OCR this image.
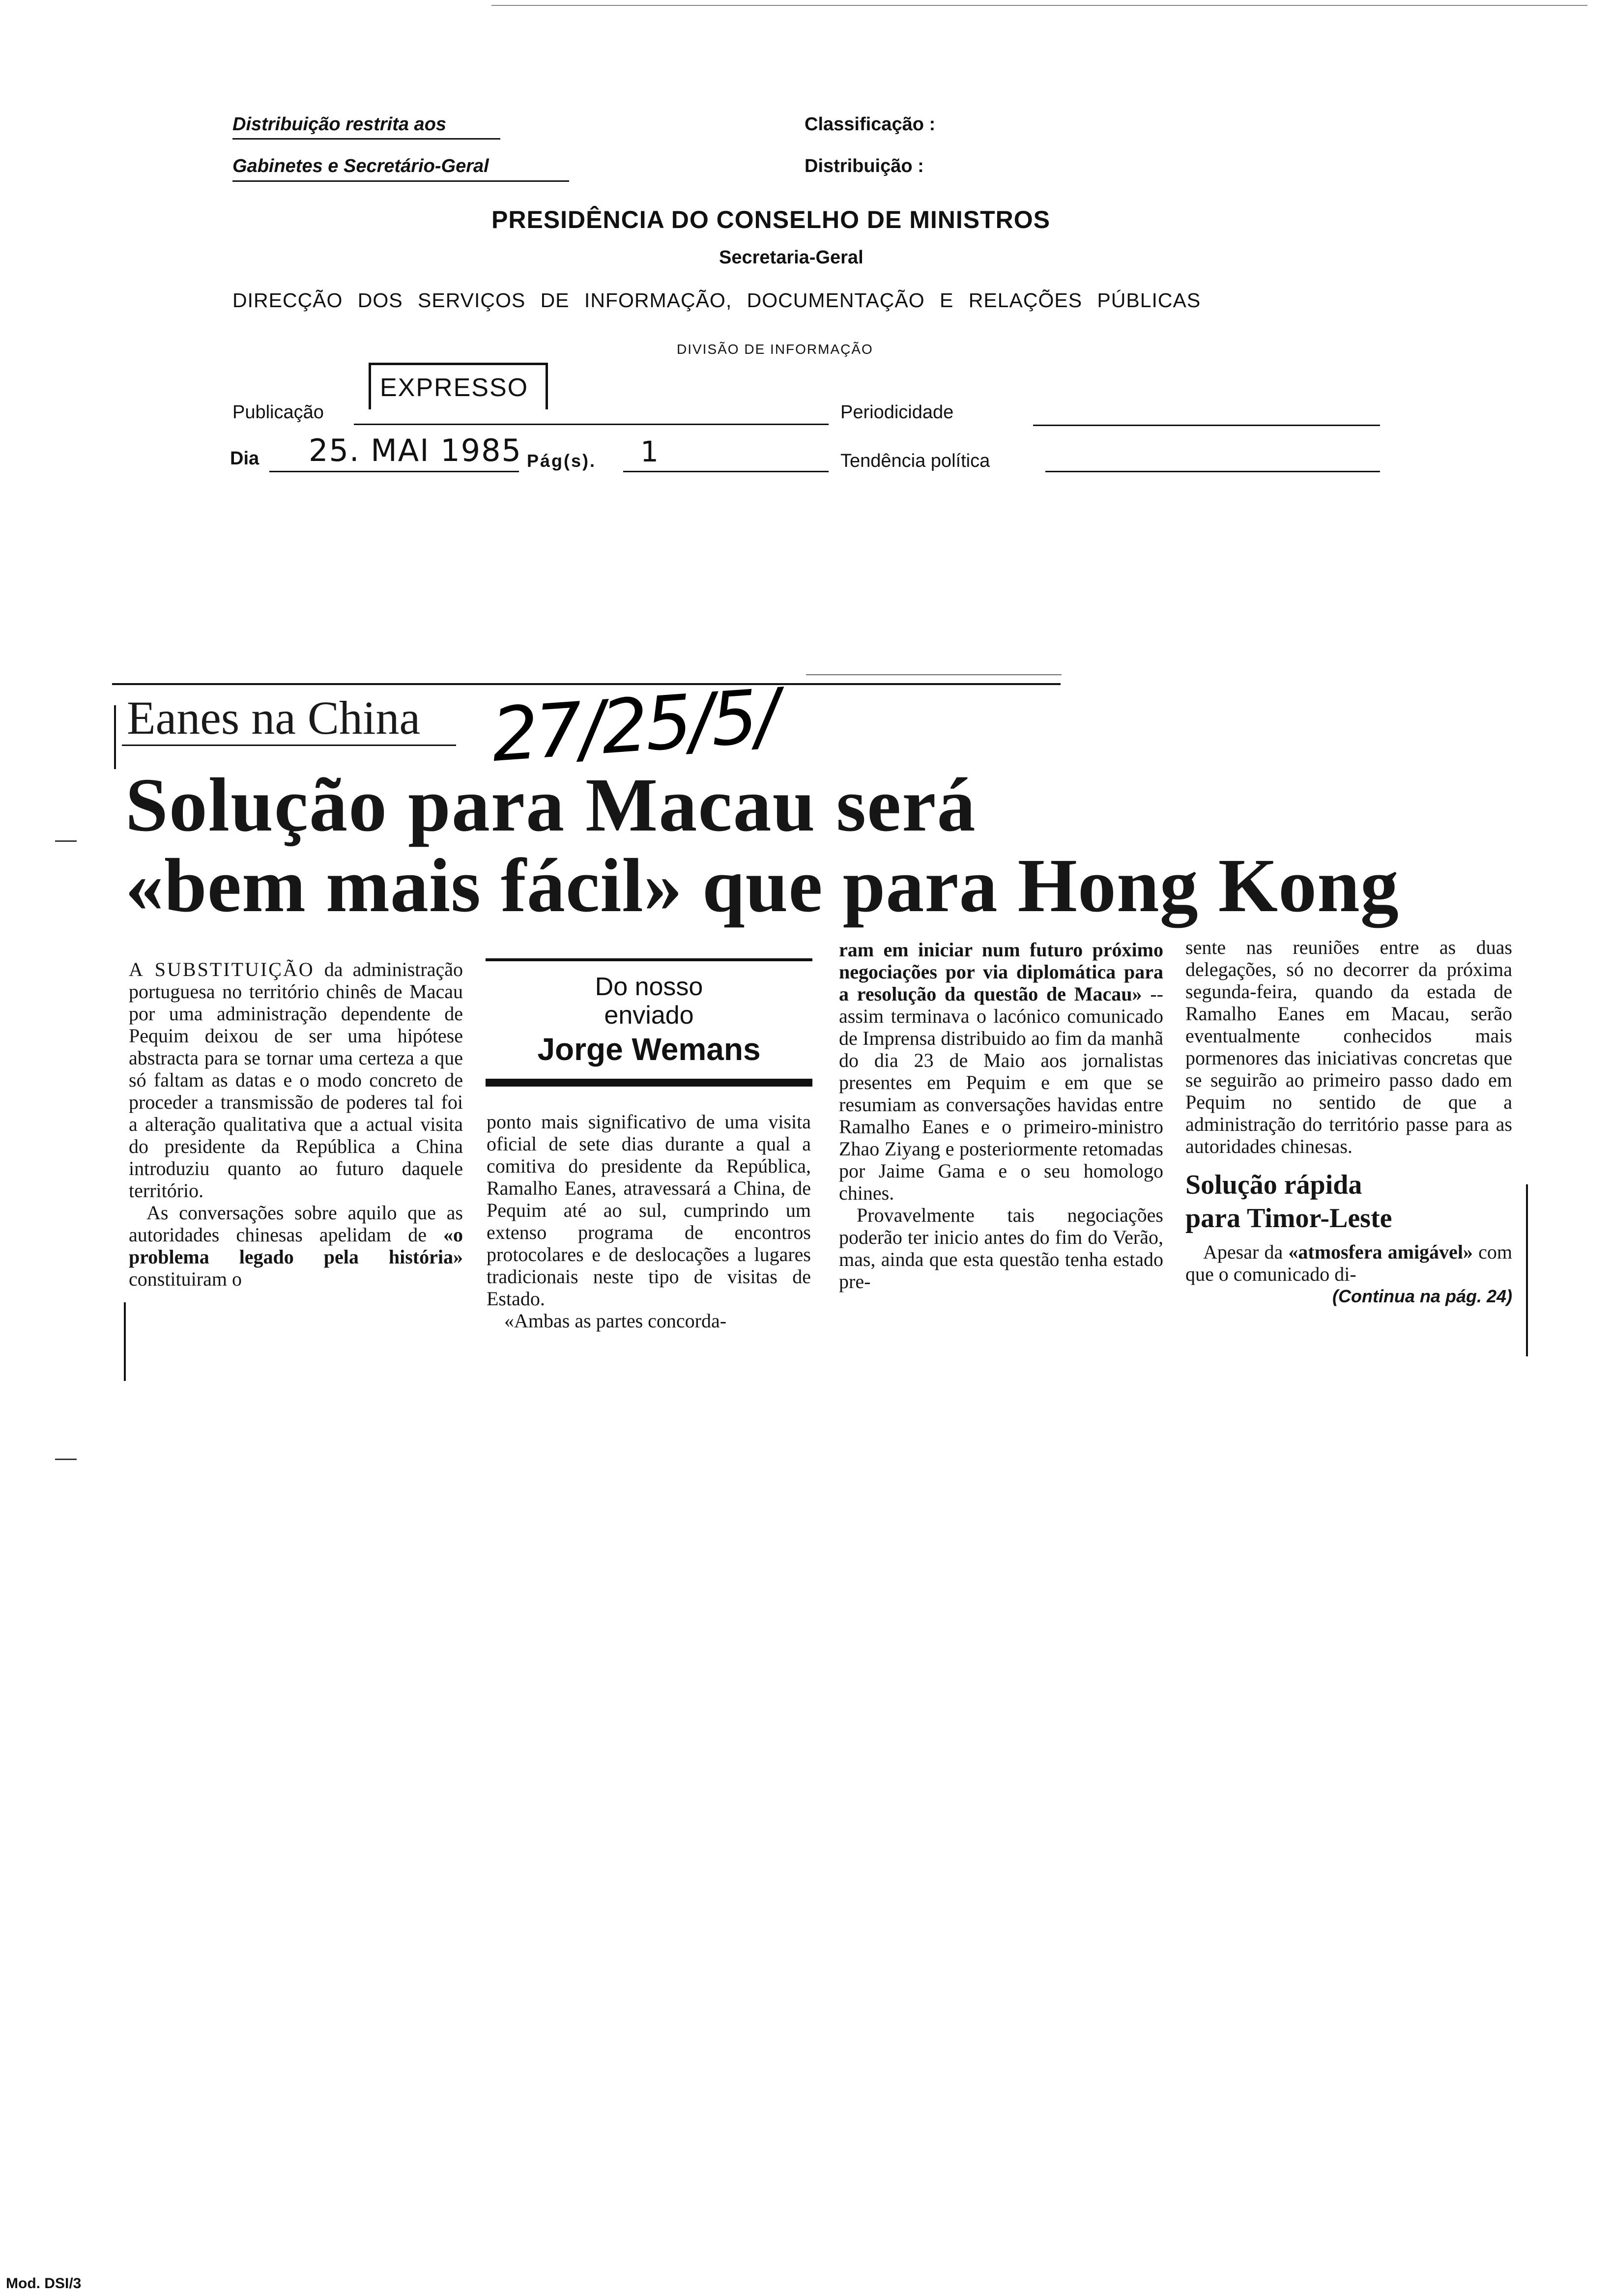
Distribuição restrita aos
Gabinetes e Secretário-Geral
Classificação :
Distribuição :
PRESIDÊNCIA DO CONSELHO DE MINISTROS
Secretaria-Geral
DIRECÇÃO DOS SERVIÇOS DE INFORMAÇÃO, DOCUMENTAÇÃO E RELAÇÕES PÚBLICAS
DIVISÃO DE INFORMAÇÃO
Publicação
EXPRESSO
Periodicidade
Dia 25. MAI 1985 Pág(s). 1	Tendência política
Eanes na China
Solução para Macau será
«bem mais fácil» que para Hong Kong
27/25/5/
Do nosso
enviado
Jorge Wemans

A SUBSTITUIÇÃO da administração portuguesa no território chinês de Macau por uma administração dependente de Pequim deixou de ser uma hipótese abstracta para se tornar uma certeza a que só faltam as datas e o modo concreto de proceder a transmissão de poderes tal foi a alteração qualitativa que a actual visita do presidente da República a China introduziu quanto ao futuro daquele território.

As conversações sobre aquilo que as autoridades chinesas apelidam de «o problema legado pela história» constituiram o

ponto mais significativo de uma visita oficial de sete dias durante a qual a comitiva do presidente da República, Ramalho Eanes, atravessará a China, de Pequim até ao sul, cumprindo um extenso programa de encontros protocolares e de deslocações a lugares tradicionais neste tipo de visitas de Estado.

«Ambas as partes concorda-

ram em iniciar num futuro próximo negociações por via diplomática para a resolução da questão de Macau» -- assim terminava o lacónico comunicado de Imprensa distribuido ao fim da manhã do dia 23 de Maio aos jornalistas presentes em Pequim e em que se resumiam as conversações havidas entre Ramalho Eanes e o primeiro-ministro Zhao Ziyang e posteriormente retomadas por Jaime Gama e o seu homologo chines.

Provavelmente tais negociações poderão ter inicio antes do fim do Verão, mas, ainda que esta questão tenha estado pre-

sente nas reuniões entre as duas delegações, só no decorrer da próxima segunda-feira, quando da estada de Ramalho Eanes em Macau, serão eventualmente conhecidos mais pormenores das iniciativas concretas que se seguirão ao primeiro passo dado em Pequim no sentido de que a administração do território passe para as autoridades chinesas.

Solução rápida
para Timor-Leste

Apesar da «atmosfera amigável» com que o comunicado di-

(Continua na pág. 24)

Mod. DSI/3
